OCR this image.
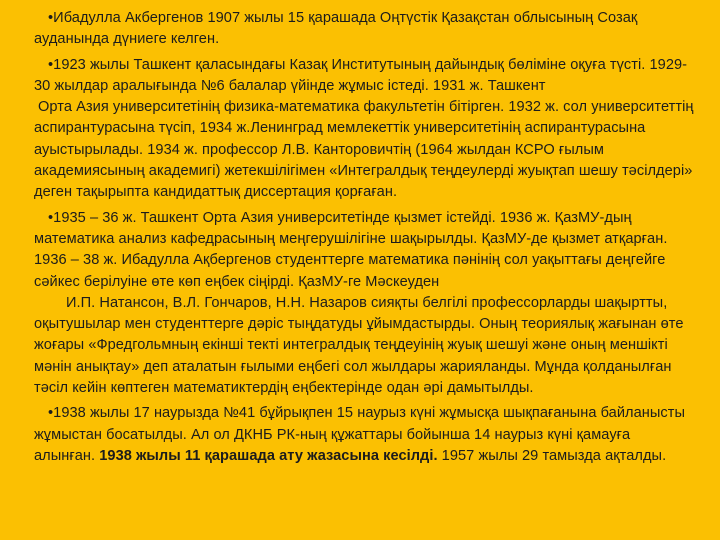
•Ибадулла Акбергенов 1907 жылы 15 қарашада Оңтүстік Қазақстан облысының Созақ ауданында дүниеге келген.

•1923 жылы Ташкент қаласындағы Казақ Институтының дайындық бөліміне оқуға түсті. 1929-30 жылдар аралығында №6 балалар үйінде жұмыс істеді. 1931 ж. Ташкент
Орта Азия университетінің физика-математика факультетін бітірген. 1932 ж. сол университеттің аспирантурасына түсіп, 1934 ж.Ленинград мемлекеттік университетінің аспирантурасына ауыстырылады. 1934 ж. профессор Л.В. Канторовичтің (1964 жылдан КСРО ғылым академиясының академигі) жетекшілігімен «Интегралдық теңдеулерді жуықтап шешу тәсілдері» деген тақырыпта кандидаттық диссертация қорғаған.

•1935 – 36 ж. Ташкент Орта Азия университетінде қызмет істейді. 1936 ж. ҚазМУ-дың математика анализ кафедрасының меңгерушілігіне шақырылды. ҚазМУ-де қызмет атқарған. 1936 – 38 ж. Ибадулла Ақбергенов студенттерге математика пәнінің сол уақыттағы деңгейге сәйкес берілуіне өте көп еңбек сіңірді. ҚазМУ-ге Мәскеуден
И.П. Натансон, В.Л. Гончаров, Н.Н. Назаров сияқты белгілі профессорларды шақыртты, оқытушылар мен студенттерге дәріс тыңдатуды ұйымдастырды. Оның теориялық жағынан өте жоғары «Фредгольмның екінші текті интегралдық теңдеуінің жуық шешуі және оның меншікті мәнін анықтау» деп аталатын ғылыми еңбегі сол жылдары жарияланды. Мұнда қолданылған тәсіл кейін көптеген математиктердің еңбектерінде одан әрі дамытылды.

•1938 жылы 17 наурызда №41 бұйрықпен 15 наурыз күні жұмысқа шықпағанына байланысты жұмыстан босатылды. Ал ол ДКНБ РК-ның құжаттары бойынша 14 наурыз күні қамауға алынған. 1938 жылы 11 қарашада ату жазасына кесілді. 1957 жылы 29 тамызда ақталды.
